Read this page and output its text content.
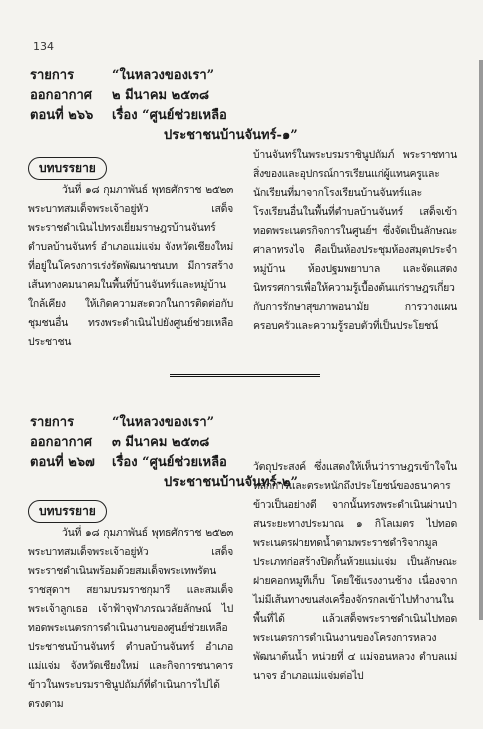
134
รายการ	“ในหลวงของเรา”
ออกอากาศ	๒ มีนาคม ๒๕๓๘
ตอนที่ ๒๖๖	เรื่อง “ศูนย์ช่วยเหลือ
ประชาชนบ้านจันทร์-๑”
บทบรรยาย

วันที่ ๑๘ กุมภาพันธ์ พุทธศักราช ๒๕๒๓ พระบาทสมเด็จพระเจ้าอยู่หัว เสด็จพระราชดำเนินไปทรงเยี่ยมราษฎรบ้านจันทร์ ตำบลบ้านจันทร์ อำเภอแม่แจ่ม จังหวัดเชียงใหม่ ที่อยู่ในโครงการเร่งรัดพัฒนาชนบท มีการสร้างเส้นทางคมนาคมในพื้นที่บ้านจันทร์และหมู่บ้านใกล้เคียง ให้เกิดความสะดวกในการติดต่อกับชุมชนอื่น ทรงพระดำเนินไปยังศูนย์ช่วยเหลือประชาชน

บ้านจันทร์ในพระบรมราชินูปถัมภ์ พระราชทานสิ่งของและอุปกรณ์การเรียนแก่ผู้แทนครูและนักเรียนที่มาจากโรงเรียนบ้านจันทร์และโรงเรียนอื่นในพื้นที่ตำบลบ้านจันทร์ เสด็จเข้าทอดพระเนตรกิจการในศูนย์ฯ ซึ่งจัดเป็นลักษณะศาลาทรงไจ คือเป็นห้องประชุมห้องสมุดประจำหมู่บ้าน ห้องปฐมพยาบาล และจัดแสดงนิทรรศการเพื่อให้ความรู้เบื้องต้นแก่ราษฎรเกี่ยวกับการรักษาสุขภาพอนามัย การวางแผนครอบครัวและความรู้รอบตัวที่เป็นประโยชน์

รายการ	“ในหลวงของเรา”
ออกอากาศ	๓ มีนาคม ๒๕๓๘
ตอนที่ ๒๖๗	เรื่อง “ศูนย์ช่วยเหลือ
ประชาชนบ้านจันทร์-๒”
บทบรรยาย

วันที่ ๑๘ กุมภาพันธ์ พุทธศักราช ๒๕๒๓ พระบาทสมเด็จพระเจ้าอยู่หัว เสด็จพระราชดำเนินพร้อมด้วยสมเด็จพระเทพรัตนราชสุดาฯ สยามบรมราชกุมารี และสมเด็จพระเจ้าลูกเธอ เจ้าฟ้าจุฬาภรณวลัยลักษณ์ ไปทอดพระเนตรการดำเนินงานของศูนย์ช่วยเหลือประชาชนบ้านจันทร์ ตำบลบ้านจันทร์ อำเภอแม่แจ่ม จังหวัดเชียงใหม่ และกิจการชนาคารข้าวในพระบรมราชินูปถัมภ์ที่ดำเนินการไปได้ตรงตาม

วัตถุประสงค์ ซึ่งแสดงให้เห็นว่าราษฎรเข้าใจในหลักการและตระหนักถึงประโยชน์ของธนาคารข้าวเป็นอย่างดี จากนั้นทรงพระดำเนินผ่านป่าสนระยะทางประมาณ ๑ กิโลเมตร ไปทอดพระเนตรฝายทดน้ำตามพระราชดำริจากมูลประเภทก่อสร้างปิดกั้นห้วยแม่แจ่ม เป็นลักษณะฝายคอกหมูทีเก็บ โดยใช้แรงงานช้าง เนื่องจากไม่มีเส้นทางขนส่งเครื่องจักรกลเข้าไปทำงานในพื้นที่ได้ แล้วเสด็จพระราชดำเนินไปทอดพระเนตรการดำเนินงานของโครงการหลวงพัฒนาต้นน้ำ หน่วยที่ ๔ แม่จอนหลวง ตำบลแม่นาจร อำเภอแม่แจ่มต่อไป
